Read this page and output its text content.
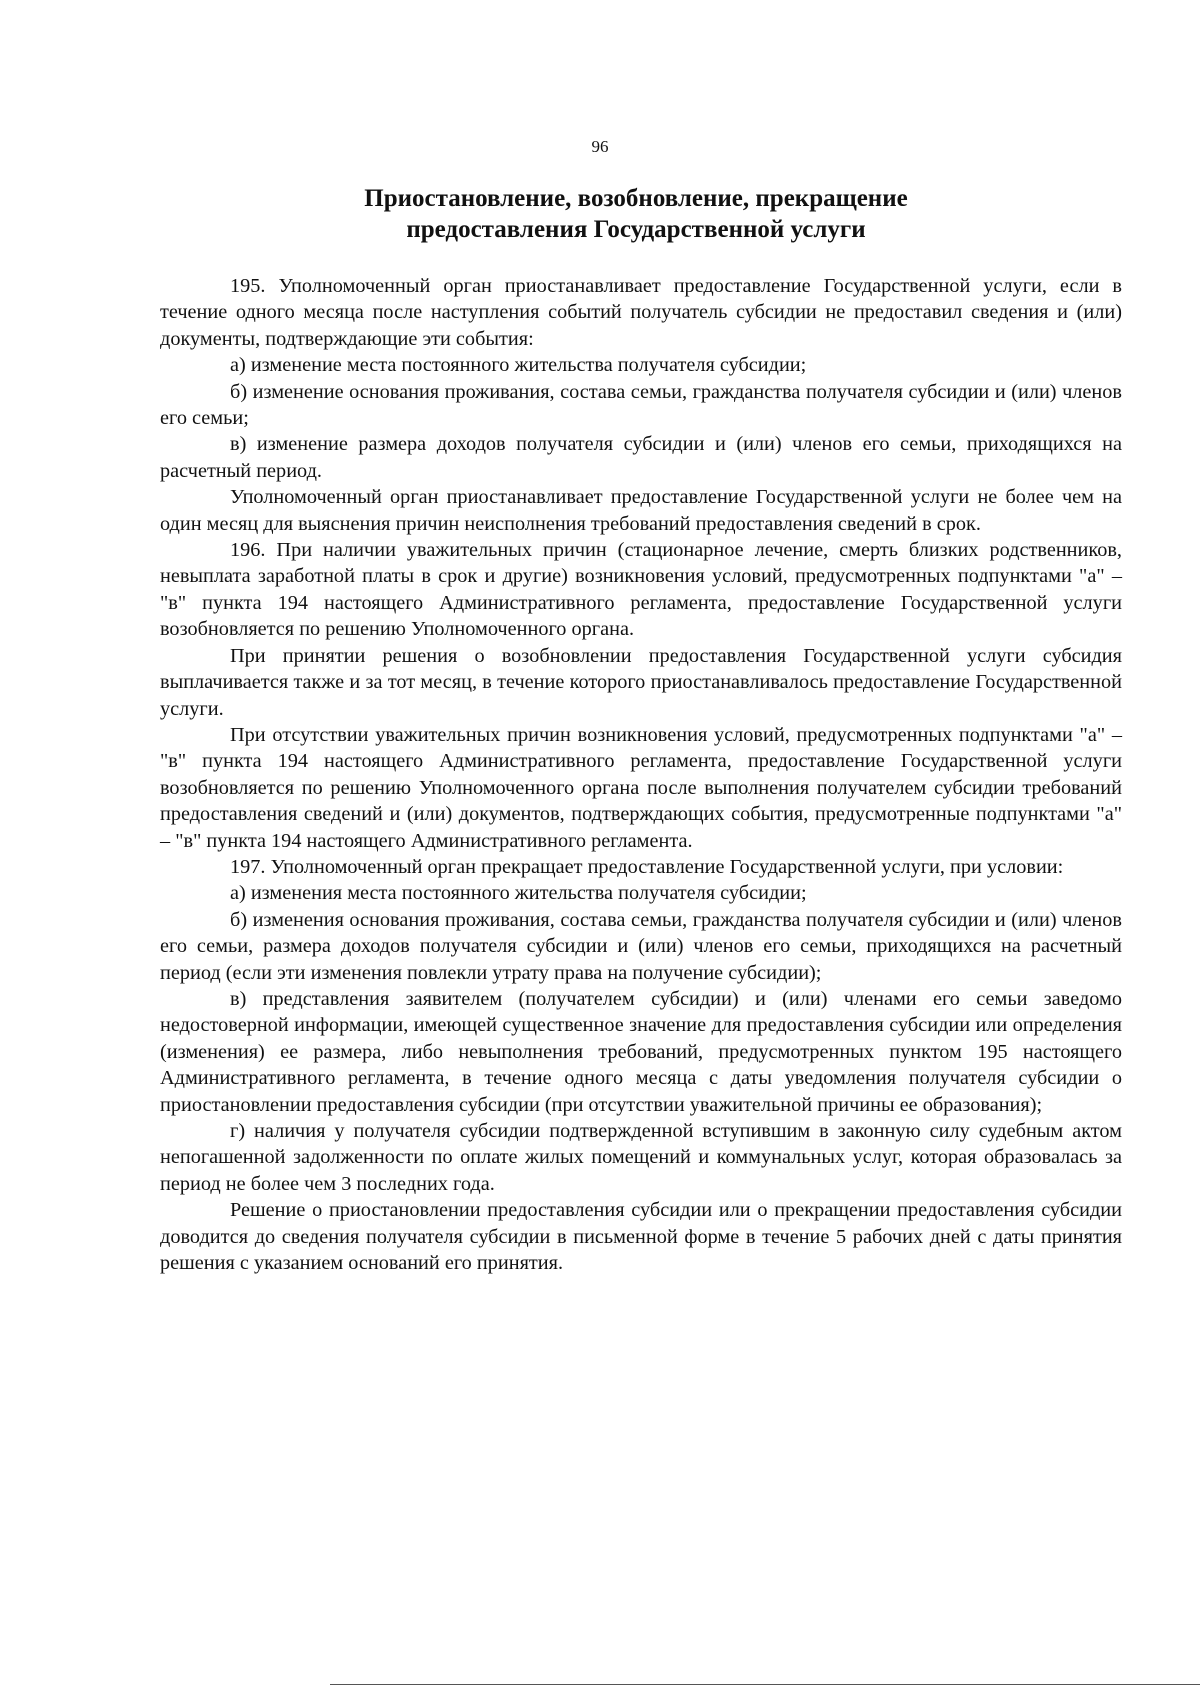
96
Приостановление, возобновление, прекращение
предоставления Государственной услуги

195. Уполномоченный орган приостанавливает предоставление Государственной услуги, если в течение одного месяца после наступления событий получатель субсидии не предоставил сведения и (или) документы, подтверждающие эти события:

а) изменение места постоянного жительства получателя субсидии;

б) изменение основания проживания, состава семьи, гражданства получателя субсидии и (или) членов его семьи;

в) изменение размера доходов получателя субсидии и (или) членов его семьи, приходящихся на расчетный период.

Уполномоченный орган приостанавливает предоставление Государственной услуги не более чем на один месяц для выяснения причин неисполнения требований предоставления сведений в срок.

196. При наличии уважительных причин (стационарное лечение, смерть близких родственников, невыплата заработной платы в срок и другие) возникновения условий, предусмотренных подпунктами "а" – "в" пункта 194 настоящего Административного регламента, предоставление Государственной услуги возобновляется по решению Уполномоченного органа.

При принятии решения о возобновлении предоставления Государственной услуги субсидия выплачивается также и за тот месяц, в течение которого приостанавливалось предоставление Государственной услуги.

При отсутствии уважительных причин возникновения условий, предусмотренных подпунктами "а" – "в" пункта 194 настоящего Административного регламента, предоставление Государственной услуги возобновляется по решению Уполномоченного органа после выполнения получателем субсидии требований предоставления сведений и (или) документов, подтверждающих события, предусмотренные подпунктами "а" – "в" пункта 194 настоящего Административного регламента.

197. Уполномоченный орган прекращает предоставление Государственной услуги, при условии:

а) изменения места постоянного жительства получателя субсидии;

б) изменения основания проживания, состава семьи, гражданства получателя субсидии и (или) членов его семьи, размера доходов получателя субсидии и (или) членов его семьи, приходящихся на расчетный период (если эти изменения повлекли утрату права на получение субсидии);

в) представления заявителем (получателем субсидии) и (или) членами его семьи заведомо недостоверной информации, имеющей существенное значение для предоставления субсидии или определения (изменения) ее размера, либо невыполнения требований, предусмотренных пунктом 195 настоящего Административного регламента, в течение одного месяца с даты уведомления получателя субсидии о приостановлении предоставления субсидии (при отсутствии уважительной причины ее образования);

г) наличия у получателя субсидии подтвержденной вступившим в законную силу судебным актом непогашенной задолженности по оплате жилых помещений и коммунальных услуг, которая образовалась за период не более чем 3 последних года.

Решение о приостановлении предоставления субсидии или о прекращении предоставления субсидии доводится до сведения получателя субсидии в письменной форме в течение 5 рабочих дней с даты принятия решения с указанием оснований его принятия.
